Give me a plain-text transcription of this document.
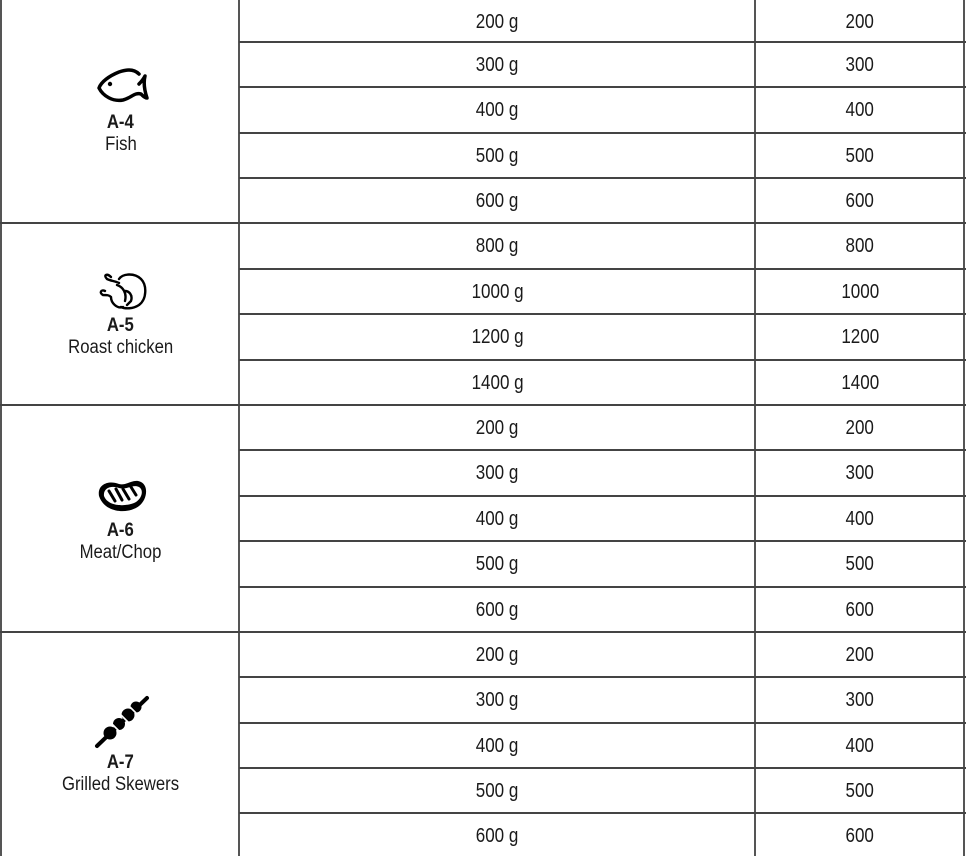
A-4
Fish
200 g	200
300 g	300
400 g	400
500 g	500
600 g	600
A-5
Roast chicken
800 g	800
1000 g	1000
1200 g	1200
1400 g	1400
A-6
Meat/Chop
200 g	200
300 g	300
400 g	400
500 g	500
600 g	600
A-7
Grilled Skewers
200 g	200
300 g	300
400 g	400
500 g	500
600 g	600
